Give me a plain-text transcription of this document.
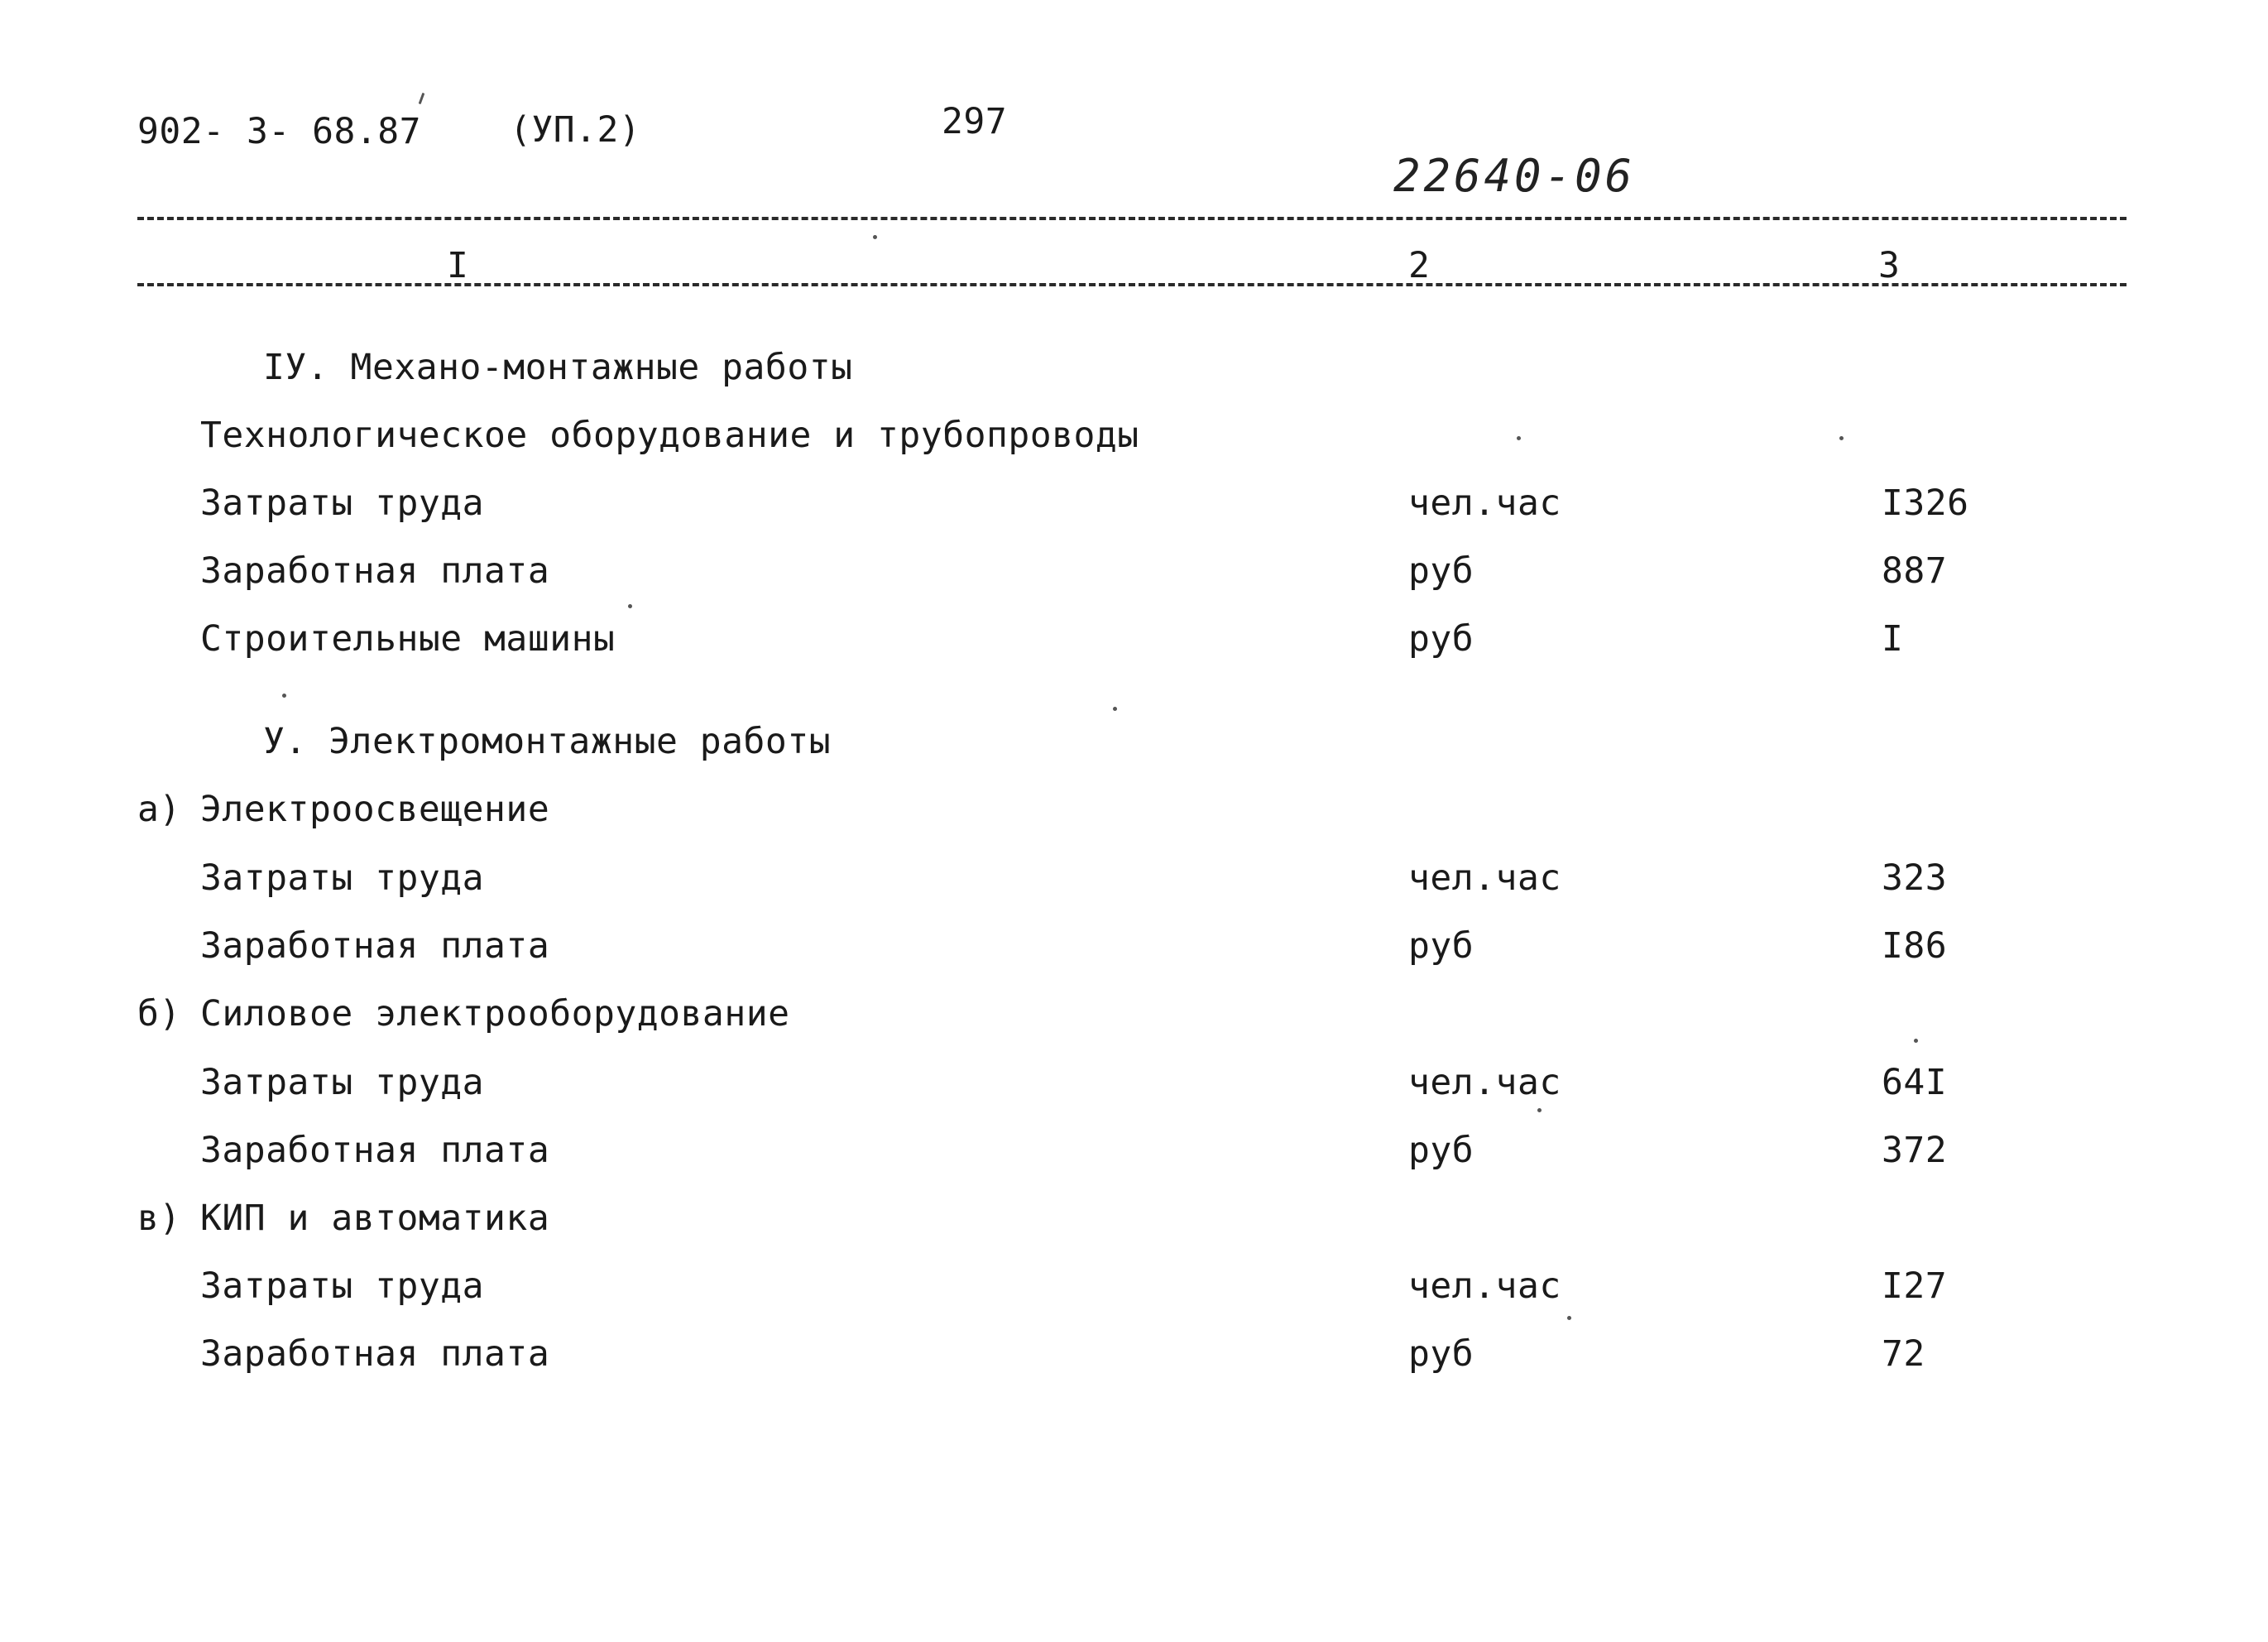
902- 3- 68.87 (УП.2)	297
22640-06
I	2	3
IУ. Механо-монтажные работы
Технологическое оборудование и трубопроводы
Затраты труда	чел.час	I326
Заработная плата	руб	887
Строительные машины	руб	I
У. Электромонтажные работы
а) Электроосвещение
Затраты труда	чел.час	323
Заработная плата	руб	I86
б) Силовое электрооборудование
Затраты труда	чел.час	64I
Заработная плата	руб	372
в) КИП и автоматика
Затраты труда	чел.час	I27
Заработная плата	руб	72
